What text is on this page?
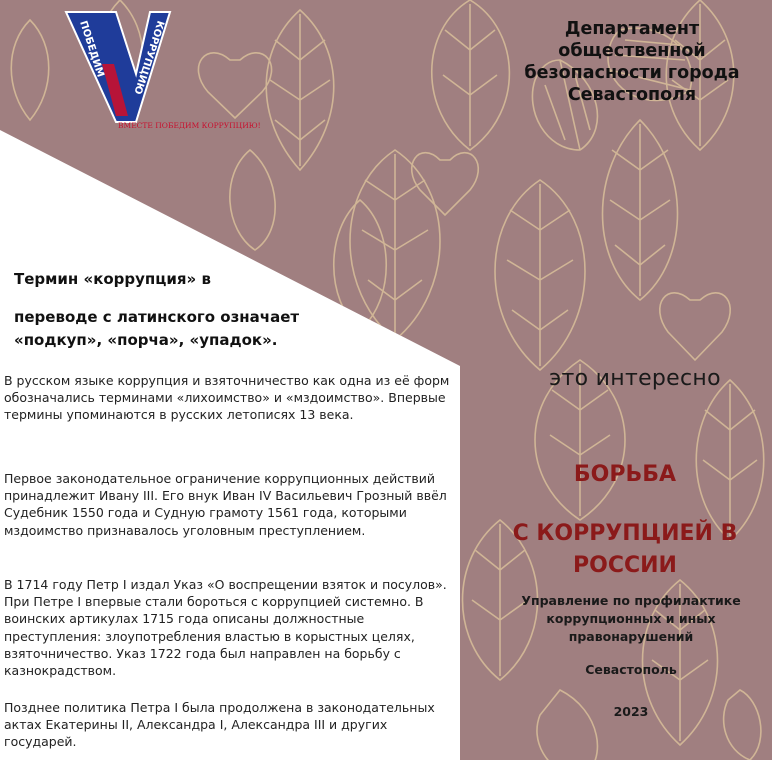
ПОБЕДИМ	КОРРУПЦИЮ
ВМЕСТЕ ПОБЕДИМ КОРРУПЦИЮ!
Департамент общественной безопасности города Севастополя
Термин «коррупция» в
переводе с латинского означает «подкуп», «порча», «упадок».

В русском языке коррупция и взяточничество как одна из её форм обозначались терминами «лихоимство» и «мздоимство». Впервые термины упоминаются в русских летописях 13 века.

Первое законодательное ограничение коррупционных действий принадлежит Ивану III. Его внук Иван IV Васильевич Грозный ввёл Судебник 1550 года и Судную грамоту 1561 года, которыми мздоимство признавалось уголовным преступлением.

В 1714 году Петр I издал Указ «О воспрещении взяток и посулов». При Петре I впервые стали бороться с коррупцией системно. В воинских артикулах 1715 года описаны должностные преступления: злоупотребления властью в корыстных целях, взяточничество. Указ 1722 года был направлен на борьбу с казнокрадством.

Позднее политика Петра I была продолжена в законодательных актах Екатерины II, Александра I, Александра III и других государей.

это интересно
БОРЬБА
С КОРРУПЦИЕЙ В РОССИИ
Управление по профилактике коррупционных и иных правонарушений
Севастополь
2023
